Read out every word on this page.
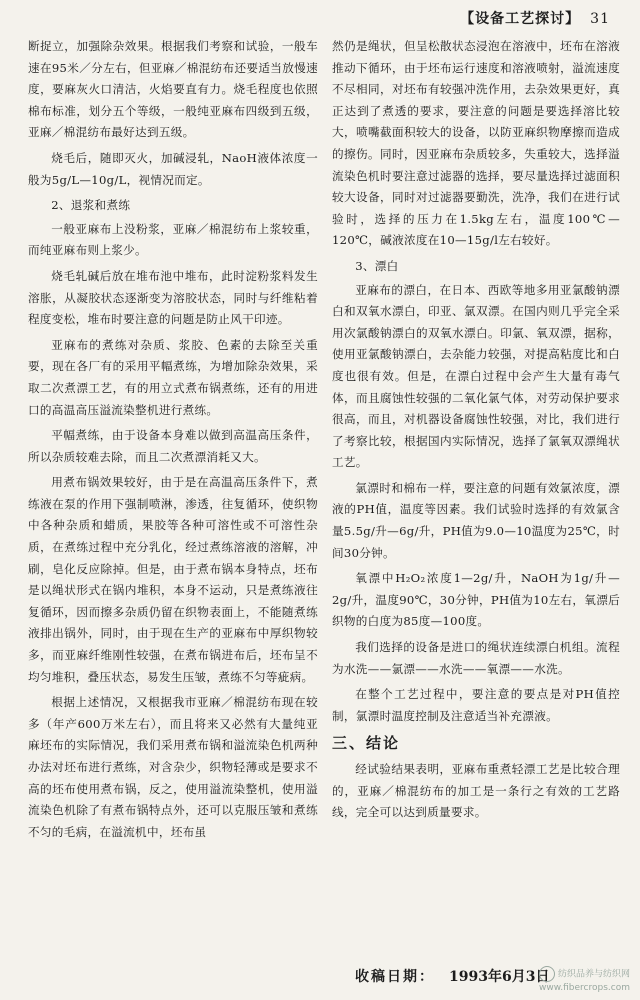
【设备工艺探讨】 31

断捉立，加强除杂效果。根据我们考察和试验，一般车速在95米／分左右，但亚麻／棉混纺布还要适当放慢速度，要麻灰火口清洁，火焰要直有力。烧毛程度也依照棉布标准，划分五个等级，一般纯亚麻布四级到五级，亚麻／棉混纺布最好达到五级。

烧毛后，随即灭火，加碱浸轧，NaoH液体浓度一般为5g/L—10g/L，视情况而定。

2、退浆和煮练

一般亚麻布上没粉浆，亚麻／棉混纺布上浆较重，而纯亚麻布则上浆少。

烧毛轧碱后放在堆布池中堆布，此时淀粉浆料发生溶胀，从凝胶状态逐渐变为溶胶状态，同时与纤维粘着程度变松，堆布时要注意的问题是防止风干印迹。

亚麻布的煮练对杂质、浆胶、色素的去除至关重要，现在各厂有的采用平幅煮练，为增加除杂效果，采取二次煮漂工艺，有的用立式煮布锅煮练，还有的用进口的高温高压溢流染整机进行煮练。

平幅煮练，由于设备本身难以做到高温高压条件，所以杂质较难去除，而且二次煮漂消耗又大。

用煮布锅效果较好，由于是在高温高压条件下，煮练液在泵的作用下强制喷淋，渗透，往复循环，使织物中各种杂质和蜡质，果胶等各种可溶性或不可溶性杂质，在煮练过程中充分乳化，经过煮练溶液的溶解，冲刷，皂化反应除掉。但是，由于煮布锅本身特点，坯布是以绳状形式在锅内堆积，本身不运动，只是煮练液往复循环，因而擦多杂质仍留在织物表面上，不能随煮练液排出锅外，同时，由于现在生产的亚麻布中厚织物较多，而亚麻纤维刚性较强，在煮布锅进布后，坯布呈不均匀堆积，叠压状态，易发生压皱，煮练不匀等疵病。

根据上述情况，又根据我市亚麻／棉混纺布现在较多（年产600万米左右），而且将来又必然有大量纯亚麻坯布的实际情况，我们采用煮布锅和溢流染色机两种办法对坯布进行煮练，对含杂少，织物轻薄或是要求不高的坯布使用煮布锅，反之，使用溢流染整机，使用溢流染色机除了有煮布锅特点外，还可以克服压皱和煮练不匀的毛病，在溢流机中，坯布虽

然仍是绳状，但呈松散状态浸泡在溶液中，坯布在溶液推动下循环，由于坯布运行速度和溶液喷射，溢流速度不尽相同，对坯布有较强冲洗作用，去杂效果更好，真正达到了煮透的要求，要注意的问题是要选择溶比较大，喷嘴截面积较大的设备，以防亚麻织物摩擦而造成的擦伤。同时，因亚麻布杂质较多，失重较大，选择溢流染色机时要注意过滤器的选择，要尽量选择过滤面积较大设备，同时对过滤器要勤洗，洗净，我们在进行试验时，选择的压力在1.5kg左右，温度100℃—120℃，碱液浓度在10—15g/l左右较好。

3、漂白

亚麻布的漂白，在日本、西欧等地多用亚氯酸钠漂白和双氧水漂白，印亚、氯双漂。在国内则几乎完全采用次氯酸钠漂白的双氧水漂白。印氯、氧双漂，据称，使用亚氯酸钠漂白，去杂能力较强，对提高粘度比和白度也很有效。但是，在漂白过程中会产生大量有毒气体，而且腐蚀性较强的二氧化氯气体，对劳动保护要求很高，而且，对机器设备腐蚀性较强，对比，我们进行了考察比较，根据国内实际情况，选择了氯氧双漂绳状工艺。

氯漂时和棉布一样，要注意的问题有效氯浓度，漂液的PH值，温度等因素。我们试验时选择的有效氯含量5.5g/升—6g/升，PH值为9.0—10温度为25℃，时间30分钟。

氧漂中H₂O₂浓度1—2g/升，NaOH为1g/升—2g/升，温度90℃，30分钟，PH值为10左右，氧漂后织物的白度为85度—100度。

我们选择的设备是进口的绳状连续漂白机组。流程为水洗——氯漂——水洗——氧漂——水洗。

在整个工艺过程中，要注意的要点是对PH值控制，氯漂时温度控制及注意适当补充漂液。

三、结论

经试验结果表明，亚麻布重煮轻漂工艺是比较合理的，亚麻／棉混纺布的加工是一条行之有效的工艺路线，完全可以达到质量要求。

收稿日期： 1993年6月3日 纺织品养与纺织网
www.fibercrops.com
